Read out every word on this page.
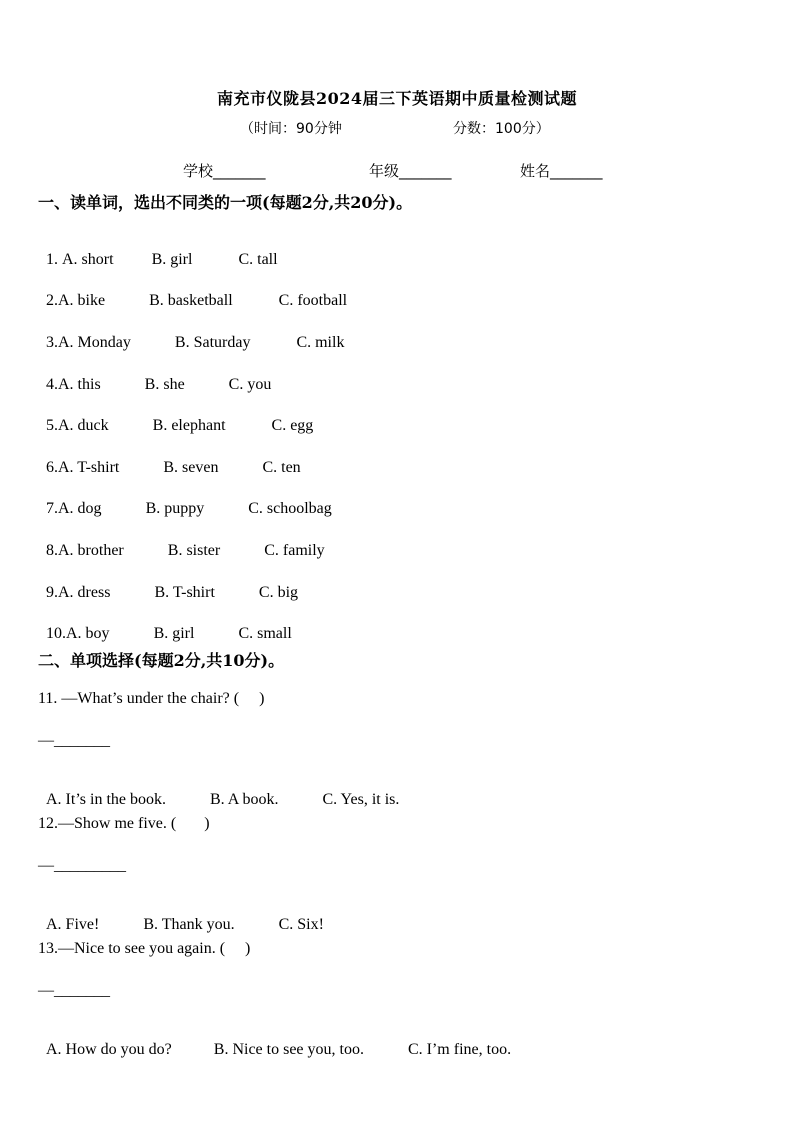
南充市仪陇县2024届三下英语期中质量检测试题
（时间：90分钟	分数：100分）
学校_______	年级_______	姓名_______
一、读单词，选出不同类的一项(每题2分,共20分)。

1. A. short B. girl	C. tall

2.A. bike	B. basketball	C. football

3.A. Monday	B. Saturday	C. milk

4.A. this	B. she	C. you

5.A. duck	B. elephant	C. egg

6.A. T-shirt	B. seven	C. ten

7.A. dog	B. puppy	C. schoolbag

8.A. brother	B. sister	C. family

9.A. dress	B. T-shirt	C. big

10.A. boy	B. girl	C. small

二、单项选择(每题2分,共10分)。
11. —What’s under the chair? (     )
—_______

A. It’s in the book.	B. A book.	C. Yes, it is.

12.—Show me five. (       )
—_________

A. Five!	B. Thank you.	C. Six!

13.—Nice to see you again. (     )
—_______

A. How do you do?	B. Nice to see you, too.	C. I’m fine, too.
